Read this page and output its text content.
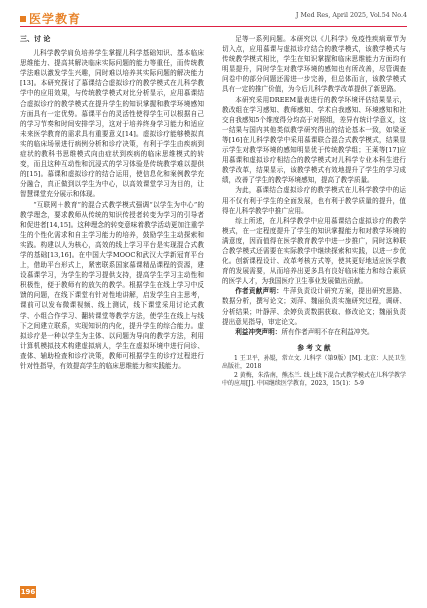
医学教育	J Med Res, April 2025, Vol.54 No.4
三、讨 论

儿科学教学肩负培养学生掌握儿科学基础知识、基本临床思维能力、提高其解决临床实际问题的能力等重任，而传统教学法难以激发学生兴趣，同时难以培养其实际问题的解决能力[13]。本研究探讨了慕课结合虚拟诊疗的教学模式在儿科学教学中的应用效果，与传统教学模式对比分析显示，应用慕课结合虚拟诊疗的教学模式在提升学生的知识掌握和教学环境感知方面具有一定优势。慕课平台的灵活性使得学生可以根据自己的学习节奏和时间安排学习，这对于培养终身学习能力和适应未来医学教育的需求具有重要意义[14]。虚拟诊疗能够模拟真实的临床场景进行病例分析和诊疗决策，有利于学生由疾病到症状的教科书思维模式向由症状到疾病的临床思维模式的转变，而且这种互动性和沉浸式的学习体验是传统教学难以提供的[15]。慕课和虚拟诊疗的结合运用，使信息化和案例教学充分融合，真正做到以学生为中心，以高效课堂学习为目的，让智慧课堂充分展示和体现。

“互联网＋教育”的混合式教学模式强调“以学生为中心”的教学理念，要求教师从传统的知识传授者转变为学习的引导者和促进者[14,15]。这种理念的转变意味着教学活动更加注重学生的个性化需求和自主学习能力的培养，鼓励学生主动探索和实践。构建以人为核心，高效的线上学习平台是实现混合式教学的基础[13,16]。在中国大学MOOC和武汉大学新冠育平台上，借助平台形式上，紧密联系国家慕课精品课程的资源，建设慕课学习，为学生的学习提供支持，提高学生学习主动性和积极性，便于教师有的放矢的教学。根据学生在线上学习中反馈的问题，在线下课堂有针对性地讲解，启发学生自主思考，课前可以发布微课视频、线上测试，线下课堂采用讨论式教学、小组合作学习、翻转课堂等教学方法，使学生在线上与线下之间建立联系，实现知识的内化，提升学生的综合能力。虚拟诊疗是一种以学生为主体、以问题为导向的教学方法，利用计算机模拟技术构建虚拟病人，学生在虚拟环境中进行问诊、查体、辅助检查和诊疗决策，教师可根据学生的诊疗过程进行针对性指导，有效提高学生的临床思维能力和实践能力。

足等一系列问题。本研究以《儿科学》免疫性疾病章节为切入点，应用慕课与虚拟诊疗结合的教学模式，该教学模式与传统教学模式相比，学生在知识掌握和临床思维能力方面均有明显提升，同时学生对教学环境的感知也有所改善，尽管调查问卷中的部分问题还需进一步完善，但总体而言，该教学模式具有一定的推广价值，为今后儿科学教学改革提供了新思路。

本研究采用DREEM量表进行的教学环境评估结果显示，教改组在学习感知、教师感知、学术自我感知、环境感知和社交自我感知5个维度得分均高于对照组，差异有统计学意义，这一结果与国内其他类似教学研究得出的结论基本一致，如梁亚等[16]在儿科学教学中采用慕课联合混合式教学模式，结果显示学生对教学环境的感知明显优于传统教学组；王莱等[17]应用慕课和虚拟诊疗相结合的教学模式对儿科学专业本科生进行教学改革，结果显示，该教学模式有效地提升了学生的学习成绩，改善了学生的教学环境感知，提高了教学质量。

为此，慕课结合虚拟诊疗的教学模式在儿科学教学中的运用不仅有利于学生的全面发展，也有利于教学质量的提升，值得在儿科学教学中推广应用。

综上所述，在儿科学教学中应用慕课结合虚拟诊疗的教学模式，在一定程度提升了学生的知识掌握能力和对教学环境的满意度，因而值得在医学教育教学中进一步推广，同时这种联合教学模式还需要在实际教学中继续探索和实践，以进一步优化。创新课程设计、改革考核方式等，使其更好地适应医学教育的发展需要，从而培养出更多具有良好临床能力和综合素质的医学人才，为我国医疗卫生事业发展做出贡献。

作者贡献声明：牛萍负责设计研究方案，提出研究思路、数据分析，撰写论文；刘萍、魏丽负责实施研究过程，调研、分析结果；叶静萍、余婷负责数据获取、修改论文；魏丽负责提出意见指导，审定论文。

利益冲突声明：所有作者声明不存在利益冲突。

参 考 文 献

1 王卫平，孙锟，常立文. 儿科学（第9版）[M]. 北京：人民卫生出版社，2018

2 黄梅，朱浩南，熊杰兰. 线上线下混合式教学模式在儿科学教学中的应用[J]. 中国继续医学教育，2023，15(1)：5-9

196
